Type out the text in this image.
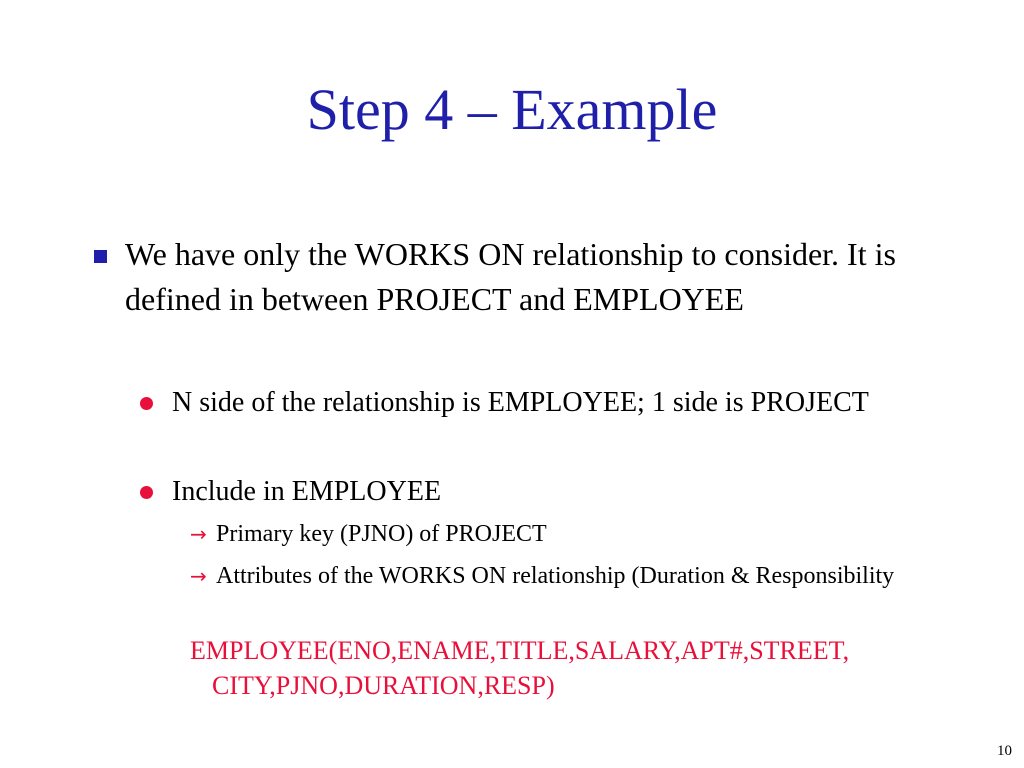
Step 4 – Example
We have only the WORKS ON relationship to consider. It is defined in between PROJECT and EMPLOYEE
N side of the relationship is EMPLOYEE; 1 side is PROJECT
Include in EMPLOYEE
→ Primary key (PJNO) of PROJECT
→ Attributes of the WORKS ON relationship (Duration & Responsibility
EMPLOYEE(ENO,ENAME,TITLE,SALARY,APT#,STREET,
CITY,PJNO,DURATION,RESP)
10
